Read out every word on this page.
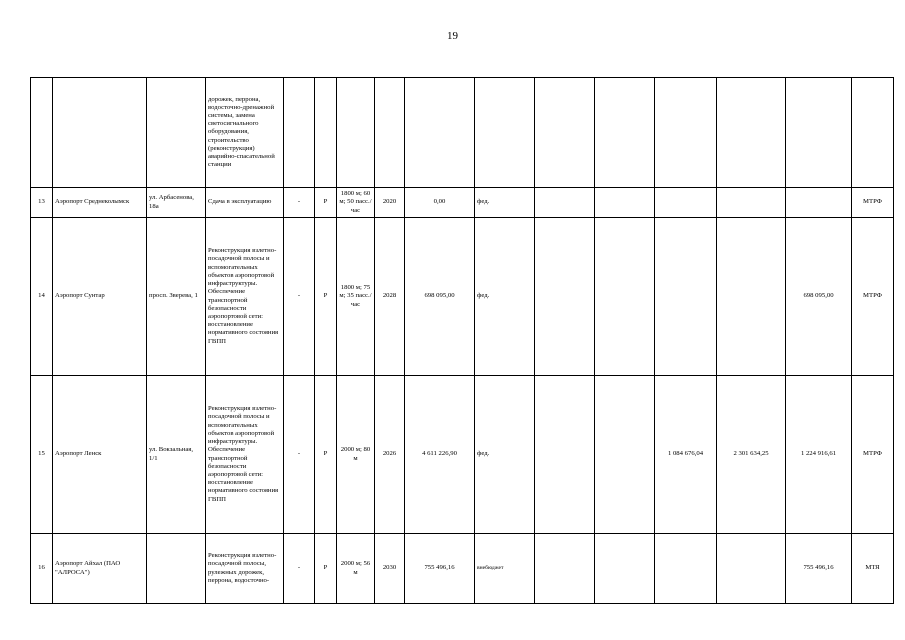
19
			дорожек, перрона, водосточно-дренажной системы, замена светосигнального оборудования, строительство (реконструкция) аварийно-спасательной станции												
13	Аэропорт Среднеколымск	ул. Арбасенова, 18а	Сдача в эксплуатацию	-	Р	1800 м; 60 м; 50 пасс./час	2020	0,00	фед.						МТРФ
14	Аэропорт Сунтар	просп. Зверева, 1	Реконструкция взлетно-посадочной полосы и вспомогательных объектов аэропортовой инфраструктуры. Обеспечение транспортной безопасности аэропортовой сети: восстановление нормативного состояния ГВПП	-	Р	1800 м; 75 м; 35 пасс./час	2028	698 095,00	фед.					698 095,00	МТРФ
15	Аэропорт Ленск	ул. Вокзальная, 1/1	Реконструкция взлетно-посадочной полосы и вспомогательных объектов аэропортовой инфраструктуры. Обеспечение транспортной безопасности аэропортовой сети: восстановление нормативного состояния ГВПП	-	Р	2000 м; 80 м	2026	4 611 226,90	фед.			1 084 676,04	2 301 634,25	1 224 916,61	МТРФ
16	Аэропорт Айхал (ПАО "АЛРОСА")		Реконструкция взлетно-посадочной полосы, рулежных дорожек, перрона, водосточно-	-	Р	2000 м; 56 м	2030	755 496,16	внебюджет					755 496,16	МТЯ
